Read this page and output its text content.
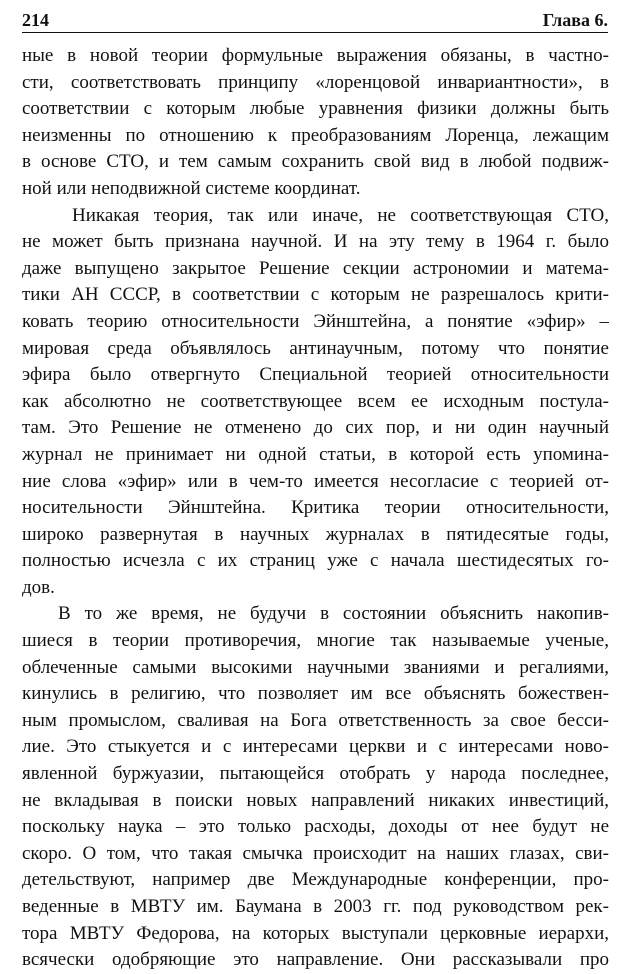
214	Глава 6.
ные в новой теории формульные выражения обязаны, в частно-
сти, соответствовать принципу «лоренцовой инвариантности», в
соответствии с которым любые уравнения физики должны быть
неизменны по отношению к преобразованиям Лоренца, лежащим
в основе СТО, и тем самым сохранить свой вид в любой подвиж-
ной или неподвижной системе координат.
Никакая теория, так или иначе, не соответствующая СТО,
не может быть признана научной. И на эту тему в 1964 г. было
даже выпущено закрытое Решение секции астрономии и матема-
тики АН СССР, в соответствии с которым не разрешалось крити-
ковать теорию относительности Эйнштейна, а понятие «эфир» –
мировая среда объявлялось антинаучным, потому что понятие
эфира было отвергнуто Специальной теорией относительности
как абсолютно не соответствующее всем ее исходным постула-
там. Это Решение не отменено до сих пор, и ни один научный
журнал не принимает ни одной статьи, в которой есть упомина-
ние слова «эфир» или в чем-то имеется несогласие с теорией от-
носительности Эйнштейна. Критика теории относительности,
широко развернутая в научных журналах в пятидесятые годы,
полностью исчезла с их страниц уже с начала шестидесятых го-
дов.
В то же время, не будучи в состоянии объяснить накопив-
шиеся в теории противоречия, многие так называемые ученые,
облеченные самыми высокими научными званиями и регалиями,
кинулись в религию, что позволяет им все объяснять божествен-
ным промыслом, сваливая на Бога ответственность за свое бесси-
лие. Это стыкуется и с интересами церкви и с интересами ново-
явленной буржуазии, пытающейся отобрать у народа последнее,
не вкладывая в поиски новых направлений никаких инвестиций,
поскольку наука – это только расходы, доходы от нее будут не
скоро. О том, что такая смычка происходит на наших глазах, сви-
детельствуют, например две Международные конференции, про-
веденные в МВТУ им. Баумана в 2003 гг. под руководством рек-
тора МВТУ Федорова, на которых выступали церковные иерархи,
всячески одобряющие это направление. Они рассказывали про
